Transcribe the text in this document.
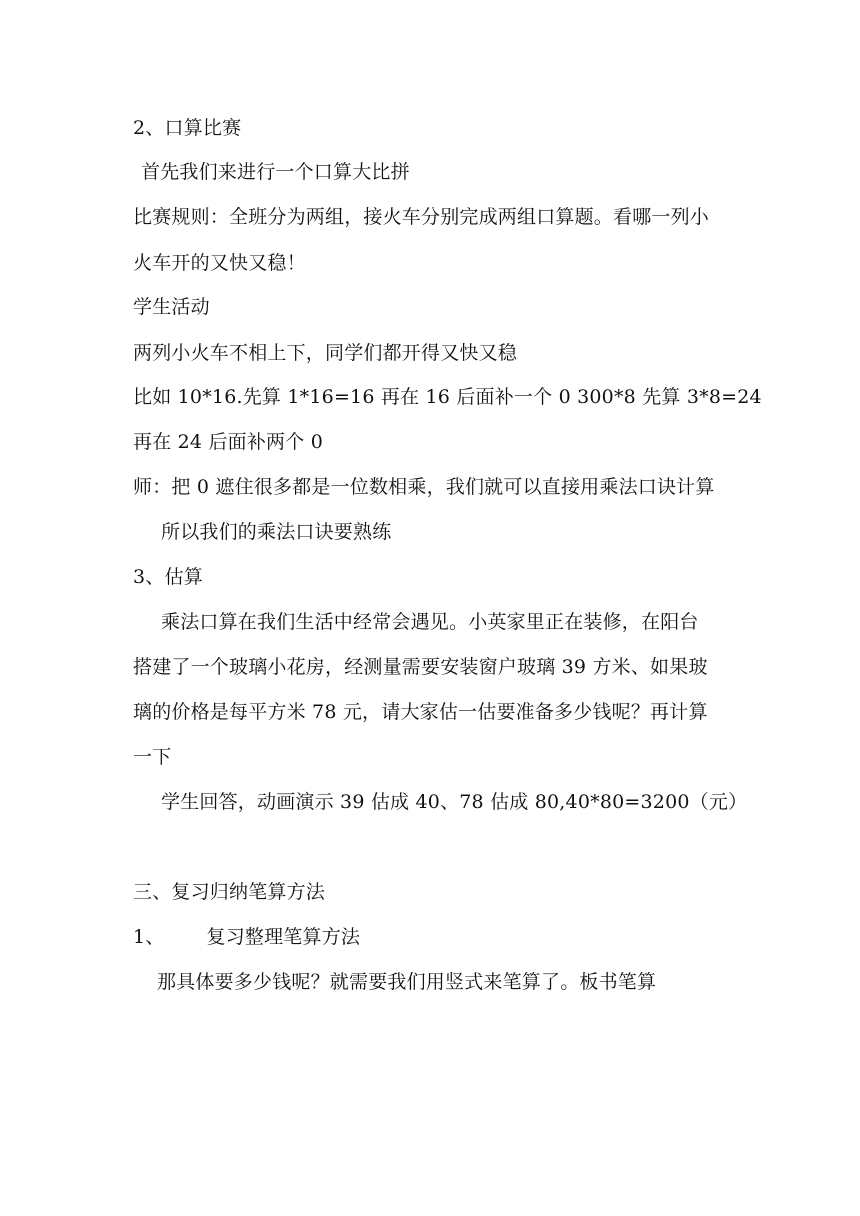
2、口算比赛
首先我们来进行一个口算大比拼
比赛规则：全班分为两组，接火车分别完成两组口算题。看哪一列小
火车开的又快又稳！
学生活动
两列小火车不相上下，同学们都开得又快又稳
比如 10*16.先算 1*16=16 再在 16 后面补一个 0 300*8 先算 3*8=24
再在 24 后面补两个 0
师：把 0 遮住很多都是一位数相乘，我们就可以直接用乘法口诀计算
所以我们的乘法口诀要熟练
3、估算
乘法口算在我们生活中经常会遇见。小英家里正在装修，在阳台
搭建了一个玻璃小花房，经测量需要安装窗户玻璃 39 方米、如果玻
璃的价格是每平方米 78 元，请大家估一估要准备多少钱呢？再计算
一下
学生回答，动画演示 39 估成 40、78 估成 80,40*80=3200（元）
三、复习归纳笔算方法
1、 复习整理笔算方法
那具体要多少钱呢？就需要我们用竖式来笔算了。板书笔算
